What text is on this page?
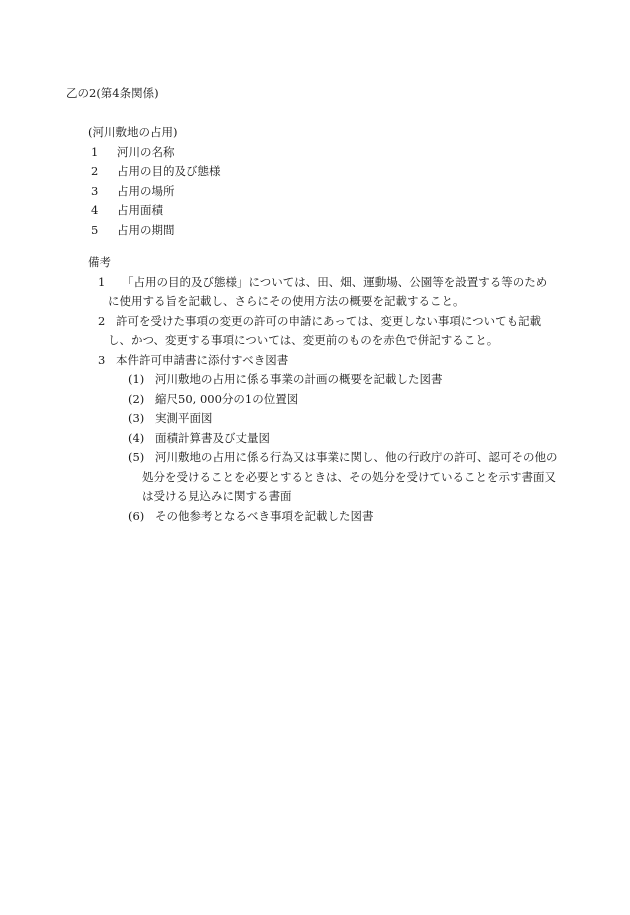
乙の2(第4条関係)
(河川敷地の占用)
1	河川の名称
2	占用の目的及び態様
3	占用の場所
4	占用面積
5	占用の期間
備考
1	「占用の目的及び態様」については、田、畑、運動場、公園等を設置する等のため
に使用する旨を記載し、さらにその使用方法の概要を記載すること。
2 許可を受けた事項の変更の許可の申請にあっては、変更しない事項についても記載
し、かつ、変更する事項については、変更前のものを赤色で併記すること。
3 本件許可申請書に添付すべき図書
(1) 河川敷地の占用に係る事業の計画の概要を記載した図書
(2) 縮尺50, 000分の1の位置図
(3) 実測平面図
(4) 面積計算書及び丈量図
(5) 河川敷地の占用に係る行為又は事業に関し、他の行政庁の許可、認可その他の
処分を受けることを必要とするときは、その処分を受けていることを示す書面又
は受ける見込みに関する書面
(6) その他参考となるべき事項を記載した図書
